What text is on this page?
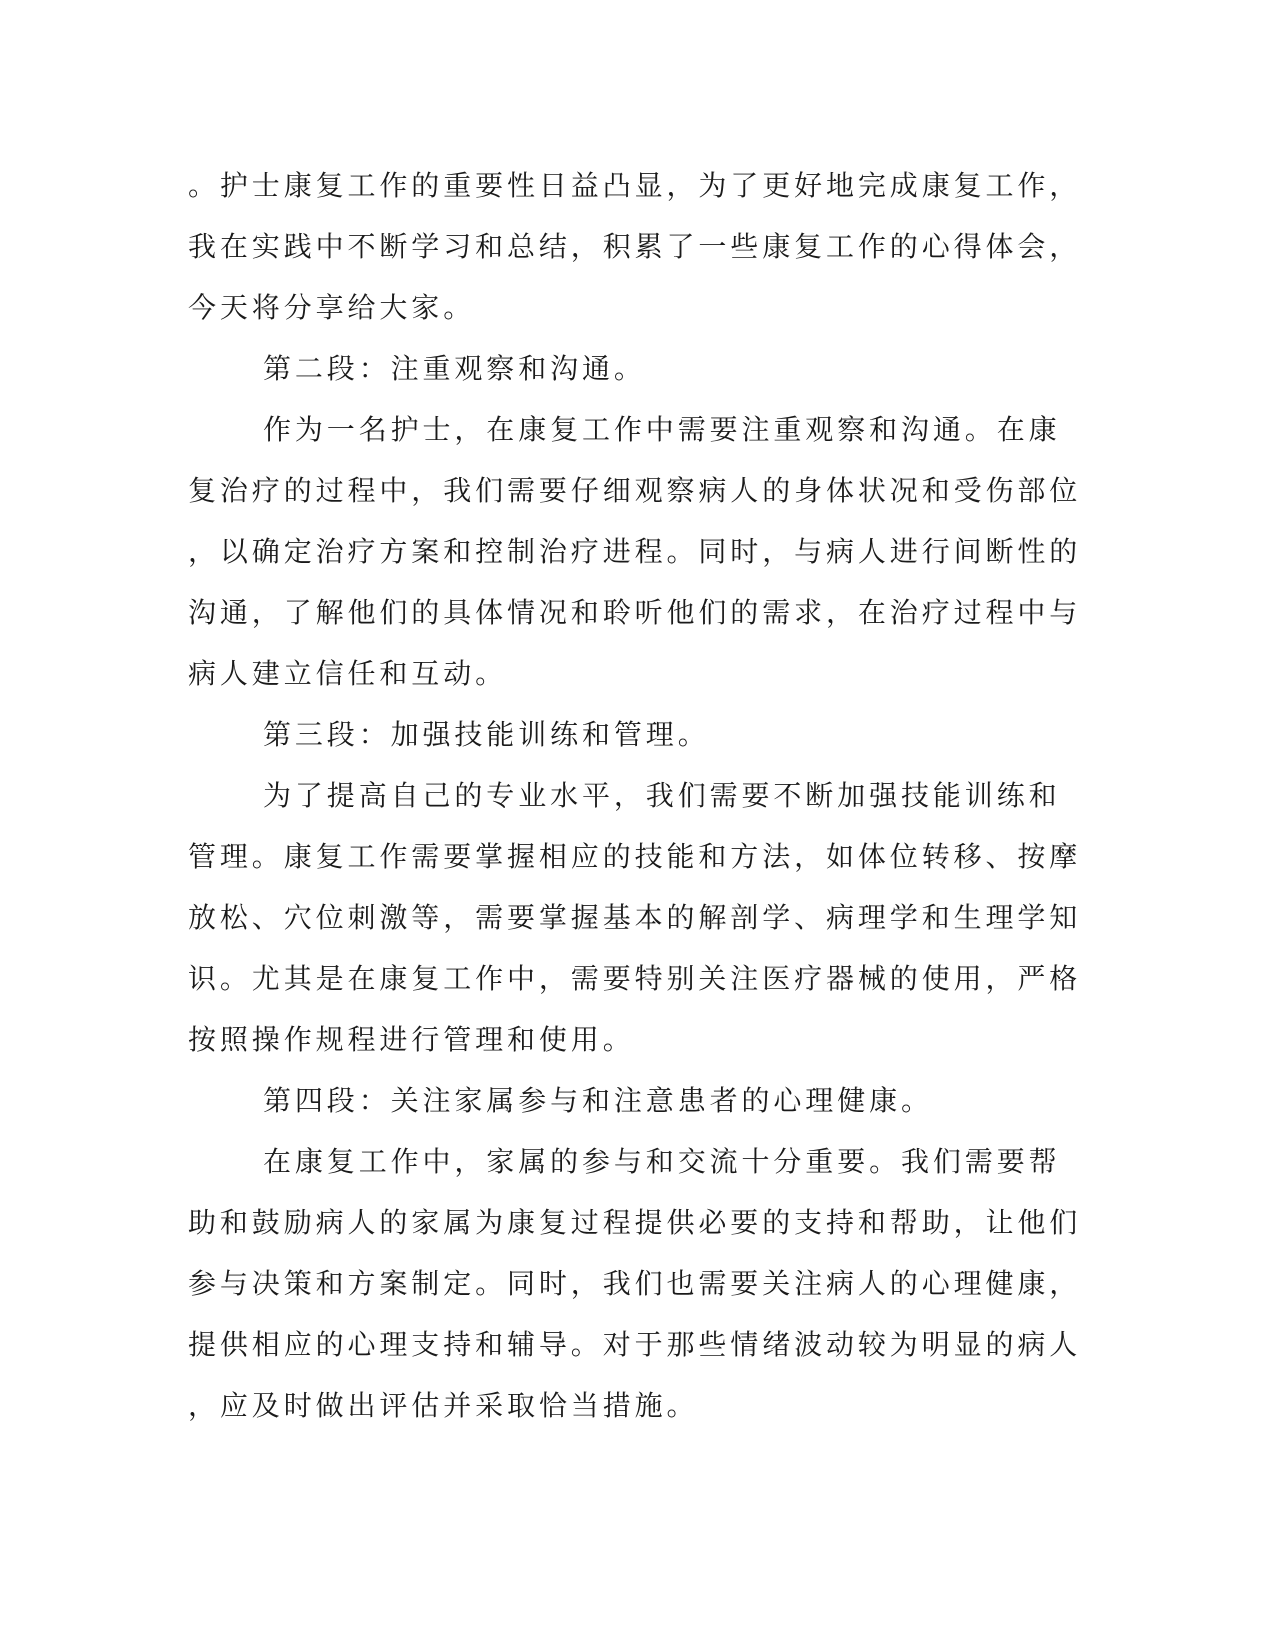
。护士康复工作的重要性日益凸显，为了更好地完成康复工作，我在实践中不断学习和总结，积累了一些康复工作的心得体会，今天将分享给大家。

第二段：注重观察和沟通。

作为一名护士，在康复工作中需要注重观察和沟通。在康复治疗的过程中，我们需要仔细观察病人的身体状况和受伤部位，以确定治疗方案和控制治疗进程。同时，与病人进行间断性的沟通，了解他们的具体情况和聆听他们的需求，在治疗过程中与病人建立信任和互动。

第三段：加强技能训练和管理。

为了提高自己的专业水平，我们需要不断加强技能训练和管理。康复工作需要掌握相应的技能和方法，如体位转移、按摩放松、穴位刺激等，需要掌握基本的解剖学、病理学和生理学知识。尤其是在康复工作中，需要特别关注医疗器械的使用，严格按照操作规程进行管理和使用。

第四段：关注家属参与和注意患者的心理健康。

在康复工作中，家属的参与和交流十分重要。我们需要帮助和鼓励病人的家属为康复过程提供必要的支持和帮助，让他们参与决策和方案制定。同时，我们也需要关注病人的心理健康，提供相应的心理支持和辅导。对于那些情绪波动较为明显的病人，应及时做出评估并采取恰当措施。
